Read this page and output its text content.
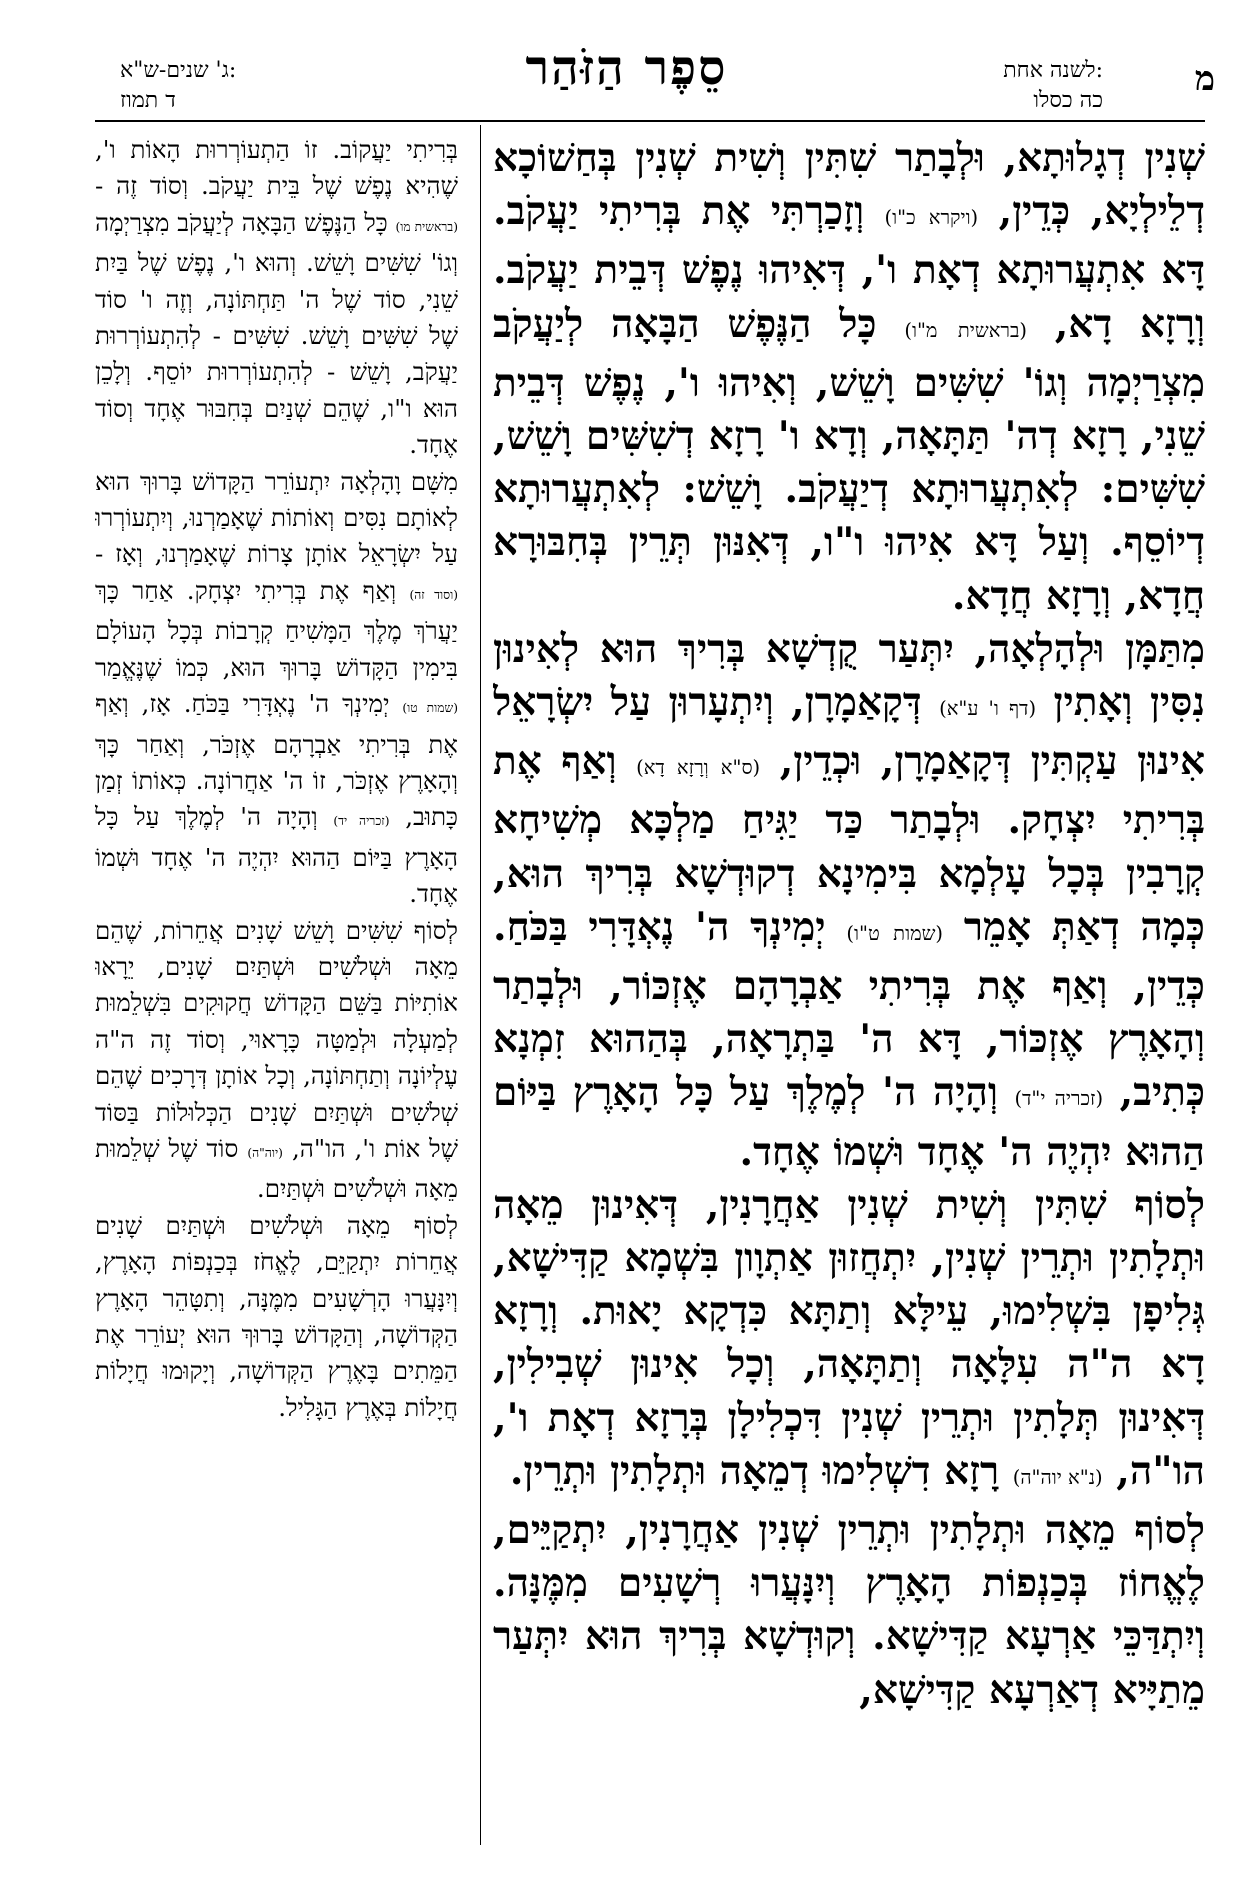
מ
לשנה אחת:
כה כסלו
סֵפֶר הַזֹּהַר
ג' שנים-ש"א:
ד תמוז

שְׁנִין דְגָלוּתָא, וּלְבָתַר שִׁתִּין וְשִׁית שְׁנִין בְּחַשׁוֹכָא דְלֵילְיָא, כְּדֵין, (ויקרא כ"ו) וְזָכַרְתִּי אֶת בְּרִיתִי יַעֲקֹב. דָּא אִתְעֲרוּתָא דְאָת ו', דְּאִיהוּ נֶפֶשׁ דְּבֵית יַעֲקֹב. וְרָזָא דָא, (בראשית מ"ו) כָּל הַנֶּפֶשׁ הַבָּאָה לְיַעֲקֹב מִצְרַיְמָה וְגוֹ' שִׁשִּׁים וָשֵׁשׁ, וְאִיהוּ ו', נֶפֶשׁ דְּבֵית שֵׁנִי, רָזָא דְה' תַּתָּאָה, וְדָא ו' רָזָא דְשִׁשִּׁים וָשֵׁשׁ, שִׁשִּׁים: לְאִתְעֲרוּתָא דְיַעֲקֹב. וָשֵׁשׁ: לְאִתְעֲרוּתָא דְיוֹסֵף. וְעַל דָּא אִיהוּ ו"ו, דְּאִנּוּן תְּרֵין בְּחִבּוּרָא חֲדָא, וְרָזָא חֲדָא.

מִתַּמָּן וּלְהָלְאָה, יִתְּעַר קֻדְשָׁא בְּרִיךְ הוּא לְאִינוּן נִסִּין וְאָתִין (דף ו' ע"א) דְּקָאַמָרָן, וְיִתְעָרוּן עַל יִשְׂרָאֵל אִינוּן עַקְתִּין דְּקָאַמָרָן, וּכְדֵין, (ס"א וְרָזָא דָא) וְאַף אֶת בְּרִיתִי יִצְחָק. וּלְבָתַר כַּד יַגִּיחַ מַלְכָּא מְשִׁיחָא קְרָבִין בְּכָל עָלְמָא בִּימִינָא דְקוּדְשָׁא בְּרִיךְ הוּא, כְּמָה דְאַתְּ אָמֵר (שמות ט"ו) יְמִינְךָ ה' נֶאְדָּרִי בַּכֹּחַ. כְּדֵין, וְאַף אֶת בְּרִיתִי אַבְרָהָם אֶזְכּוֹר, וּלְבָתַר וְהָאָרֶץ אֶזְכּוֹר, דָּא ה' בַּתְרָאָה, בְּהַהוּא זִמְנָא כְּתִיב, (זכריה י"ד) וְהָיָה ה' לְמֶלֶךְ עַל כָּל הָאָרֶץ בַּיּוֹם הַהוּא יִהְיֶה ה' אֶחָד וּשְׁמוֹ אֶחָד.

לְסוֹף שִׁתִּין וְשִׁית שְׁנִין אַחֲרָנִין, דְּאִינוּן מֵאָה וּתְלָתִין וּתְרֵין שְׁנִין, יִתְחֲזוּן אַתְוָון בִּשְׁמָא קַדִּישָׁא, גְּלִיפָן בִּשְׁלִימוּ, עֵילָּא וְתַתָּא כִּדְקָא יָאוּת. וְרָזָא דָא ה"ה עִלָּאָה וְתַתָּאָה, וְכָל אִינוּן שְׁבִילִין, דְּאִינוּן תְּלָתִין וּתְרֵין שְׁנִין דִּכְלִילָן בְּרָזָא דְאָת ו', הו"ה, (נ"א יוה"ה) רָזָא דִשְׁלִימוּ דְמֵאָה וּתְלָתִין וּתְרֵין.

לְסוֹף מֵאָה וּתְלָתִין וּתְרֵין שְׁנִין אַחֲרָנִין, יִתְקַיֵּים, לֶאֱחוֹז בְּכַנְפוֹת הָאָרֶץ וְיִנָּעֲרוּ רְשָׁעִים מִמֶּנָּה. וְיִתְדַּכֵּי אַרְעָא קַדִּישָׁא. וְקוּדְשָׁא בְּרִיךְ הוּא יִתְּעַר מֵתַיָּיא דְאַרְעָא קַדִּישָׁא,

בְּרִיתִי יַעֲקוֹב. זוֹ הַתְעוֹרְרוּת הָאוֹת ו', שֶׁהִיא נֶפֶשׁ שֶׁל בֵּית יַעֲקֹב. וְסוֹד זֶה - (בראשית מו) כָּל הַנֶּפֶשׁ הַבָּאָה לְיַעֲקֹב מִצְרַיְמָה וְגוֹ' שִׁשִּׁים וָשֵׁשׁ. וְהוּא ו', נֶפֶשׁ שֶׁל בַּיִת שֵׁנִי, סוֹד שֶׁל ה' תַּחְתּוֹנָה, וְזֶה ו' סוֹד שֶׁל שִׁשִּׁים וָשֵׁשׁ. שִׁשִּׁים - לְהִתְעוֹרְרוּת יַעֲקֹב, וָשֵׁשׁ - לְהִתְעוֹרְרוּת יוֹסֵף. וְלָכֵן הוּא ו"ו, שֶׁהֵם שְׁנַיִם בְּחִבּוּר אֶחָד וְסוֹד אֶחָד.

מִשָּׁם וָהָלְאָה יִתְעוֹרֵר הַקָּדוֹשׁ בָּרוּךְ הוּא לְאוֹתָם נִסִּים וְאוֹתוֹת שֶׁאָמַרְנוּ, וְיִתְעוֹרְרוּ עַל יִשְׂרָאֵל אוֹתָן צָרוֹת שֶׁאָמַרְנוּ, וְאָז - (וסוד זה) וְאַף אֶת בְּרִיתִי יִצְחָק. אַחַר כָּךְ יַעֲרֹךְ מֶלֶךְ הַמָּשִׁיחַ קְרָבוֹת בְּכָל הָעוֹלָם בִּימִין הַקָּדוֹשׁ בָּרוּךְ הוּא, כְּמוֹ שֶׁנֶּאֱמַר (שמות טו) יְמִינְךָ ה' נֶאְדָּרִי בַּכֹּחַ. אָז, וְאַף אֶת בְּרִיתִי אַבְרָהָם אֶזְכֹּר, וְאַחַר כָּךְ וְהָאָרֶץ אֶזְכֹּר, זוֹ ה' אַחֲרוֹנָה. כְּאוֹתוֹ זְמַן כָּתוּב, (זכריה יד) וְהָיָה ה' לְמֶלֶךְ עַל כָּל הָאָרֶץ בַּיּוֹם הַהוּא יִהְיֶה ה' אֶחָד וּשְׁמוֹ אֶחָד.

לְסוֹף שִׁשִּׁים וָשֵׁשׁ שָׁנִים אֲחֵרוֹת, שֶׁהֵם מֵאָה וּשְׁלֹשִׁים וּשְׁתַּיִם שָׁנִים, יֵרָאוּ אוֹתִיּוֹת בַּשֵּׁם הַקָּדוֹשׁ חֲקוּקִים בִּשְׁלֵמוּת לְמַעְלָה וּלְמַטָּה כָּרָאוּי, וְסוֹד זֶה ה"ה עֶלְיוֹנָה וְתַחְתּוֹנָה, וְכָל אוֹתָן דְּרָכִים שֶׁהֵם שְׁלֹשִׁים וּשְׁתַּיִם שָׁנִים הַכְּלוּלוֹת בַּסּוֹד שֶׁל אוֹת ו', הו"ה, (יוה"ה) סוֹד שֶׁל שְׁלֵמוּת מֵאָה וּשְׁלֹשִׁים וּשְׁתַּיִם.

לְסוֹף מֵאָה וּשְׁלֹשִׁים וּשְׁתַּיִם שָׁנִים אֲחֵרוֹת יִתְקַיֵּם, לֶאֱחֹז בְּכַנְפוֹת הָאָרֶץ, וְיִנָּעֲרוּ הָרְשָׁעִים מִמֶּנָּה, וְתִטָּהֵר הָאָרֶץ הַקְּדוֹשָׁה, וְהַקָּדוֹשׁ בָּרוּךְ הוּא יְעוֹרֵר אֶת הַמֵּתִים בָּאֶרֶץ הַקְּדוֹשָׁה, וְיָקוּמוּ חֲיָלוֹת חֲיָלוֹת בְּאֶרֶץ הַגָּלִיל.
